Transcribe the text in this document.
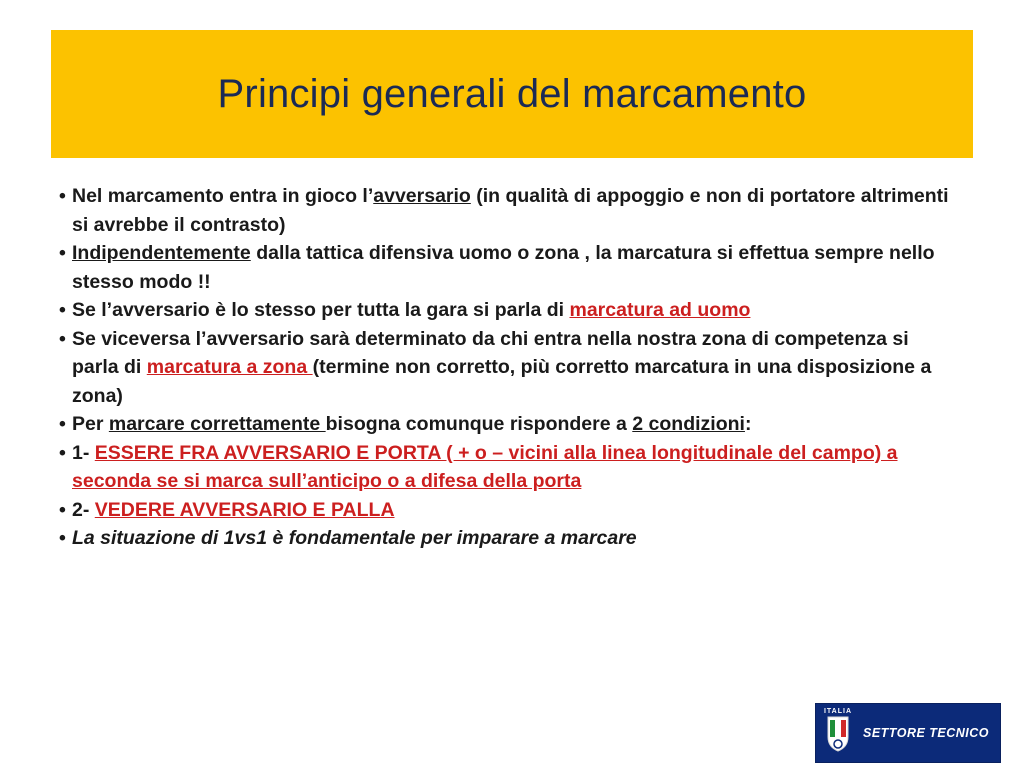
Principi generali del marcamento
• Nel marcamento entra in gioco l’avversario (in qualità di appoggio e non di portatore altrimenti si avrebbe il contrasto)
• Indipendentemente dalla tattica difensiva uomo o zona , la marcatura si effettua sempre nello stesso modo !!
• Se l’avversario è lo stesso per tutta la gara si parla di marcatura ad uomo
• Se viceversa l’avversario sarà determinato da chi entra nella nostra zona di competenza si parla di marcatura a zona (termine non corretto, più corretto marcatura in una disposizione a zona)
• Per marcare correttamente bisogna comunque rispondere a 2 condizioni:
• 1- ESSERE FRA AVVERSARIO E PORTA ( + o – vicini alla linea longitudinale del campo) a seconda se si marca sull’anticipo o a difesa della porta
• 2- VEDERE AVVERSARIO E PALLA
• La situazione di 1vs1 è fondamentale per imparare a marcare
ITALIA
SETTORE TECNICO
